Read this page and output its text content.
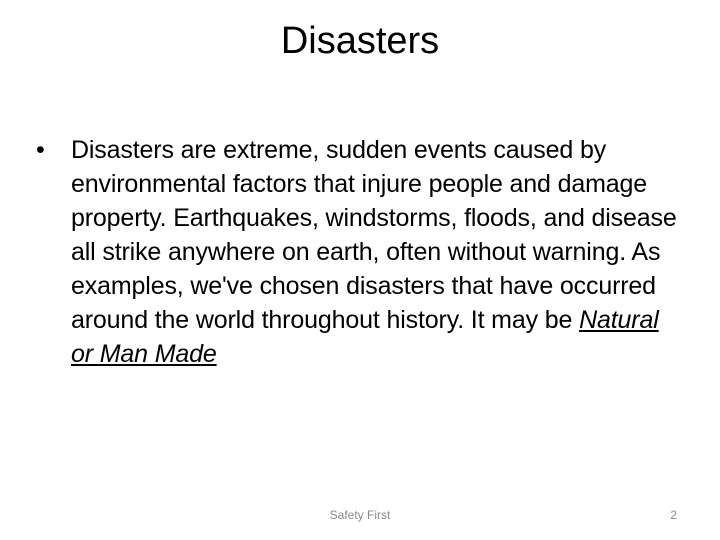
Disasters
•	Disasters are extreme, sudden events caused by environmental factors that injure people and damage property. Earthquakes, windstorms, floods, and disease all strike anywhere on earth, often without warning. As examples, we've chosen disasters that have occurred around the world throughout history. It may be Natural or Man Made
Safety First	2
